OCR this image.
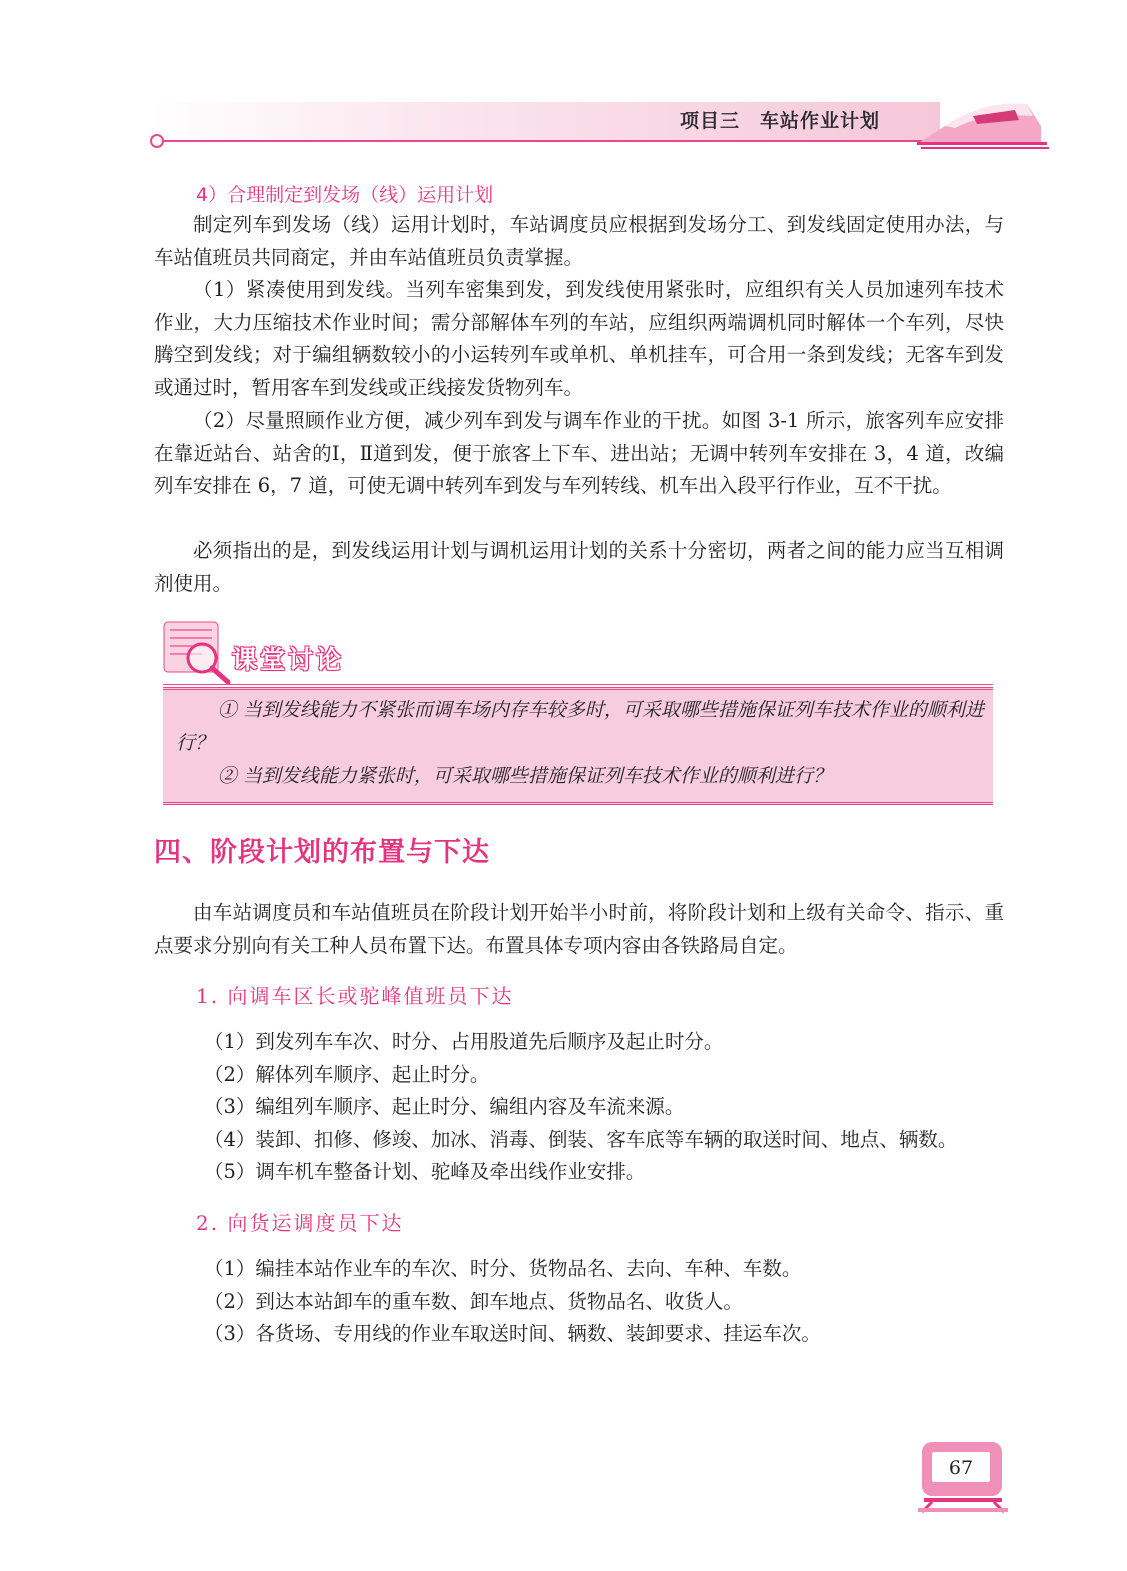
项目三　车站作业计划
4）合理制定到发场（线）运用计划
制定列车到发场（线）运用计划时，车站调度员应根据到发场分工、到发线固定使用办法，与车站值班员共同商定，并由车站值班员负责掌握。
（1）紧凑使用到发线。当列车密集到发，到发线使用紧张时，应组织有关人员加速列车技术作业，大力压缩技术作业时间；需分部解体车列的车站，应组织两端调机同时解体一个车列，尽快腾空到发线；对于编组辆数较小的小运转列车或单机、单机挂车，可合用一条到发线；无客车到发或通过时，暂用客车到发线或正线接发货物列车。
（2）尽量照顾作业方便，减少列车到发与调车作业的干扰。如图 3-1 所示，旅客列车应安排在靠近站台、站舍的Ⅰ，Ⅱ道到发，便于旅客上下车、进出站；无调中转列车安排在 3，4 道，改编列车安排在 6，7 道，可使无调中转列车到发与车列转线、机车出入段平行作业，互不干扰。
必须指出的是，到发线运用计划与调机运用计划的关系十分密切，两者之间的能力应当互相调剂使用。
课堂讨论
① 当到发线能力不紧张而调车场内存车较多时，可采取哪些措施保证列车技术作业的顺利进行？
② 当到发线能力紧张时，可采取哪些措施保证列车技术作业的顺利进行？
四、阶段计划的布置与下达
由车站调度员和车站值班员在阶段计划开始半小时前，将阶段计划和上级有关命令、指示、重点要求分别向有关工种人员布置下达。布置具体专项内容由各铁路局自定。
1. 向调车区长或驼峰值班员下达
（1）到发列车车次、时分、占用股道先后顺序及起止时分。
（2）解体列车顺序、起止时分。
（3）编组列车顺序、起止时分、编组内容及车流来源。
（4）装卸、扣修、修竣、加冰、消毒、倒装、客车底等车辆的取送时间、地点、辆数。
（5）调车机车整备计划、驼峰及牵出线作业安排。
2. 向货运调度员下达
（1）编挂本站作业车的车次、时分、货物品名、去向、车种、车数。
（2）到达本站卸车的重车数、卸车地点、货物品名、收货人。
（3）各货场、专用线的作业车取送时间、辆数、装卸要求、挂运车次。
67
